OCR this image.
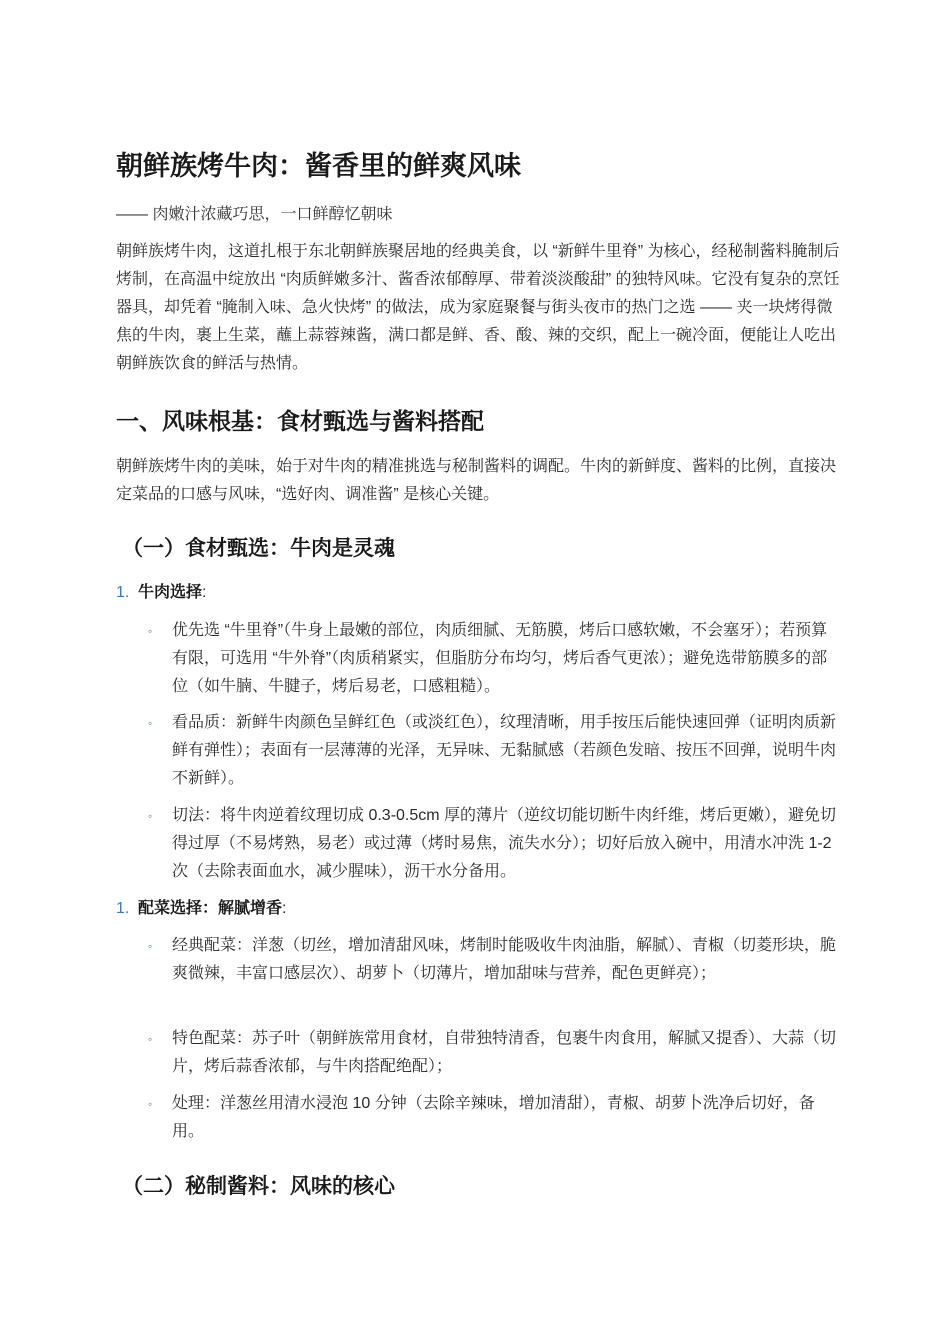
朝鲜族烤牛肉：酱香里的鲜爽风味

—— 肉嫩汁浓藏巧思，一口鲜醇忆朝味

朝鲜族烤牛肉，这道扎根于东北朝鲜族聚居地的经典美食，以 “新鲜牛里脊” 为核心，经秘制酱料腌制后烤制，在高温中绽放出 “肉质鲜嫩多汁、酱香浓郁醇厚、带着淡淡酸甜” 的独特风味。它没有复杂的烹饪器具，却凭着 “腌制入味、急火快烤” 的做法，成为家庭聚餐与街头夜市的热门之选 —— 夹一块烤得微焦的牛肉，裹上生菜，蘸上蒜蓉辣酱，满口都是鲜、香、酸、辣的交织，配上一碗冷面，便能让人吃出朝鲜族饮食的鲜活与热情。

一、风味根基：食材甄选与酱料搭配

朝鲜族烤牛肉的美味，始于对牛肉的精准挑选与秘制酱料的调配。牛肉的新鲜度、酱料的比例，直接决定菜品的口感与风味，“选好肉、调准酱” 是核心关键。

（一）食材甄选：牛肉是灵魂
1. 牛肉选择:
◦ 优先选 “牛里脊”（牛身上最嫩的部位，肉质细腻、无筋膜，烤后口感软嫩，不会塞牙）；若预算有限，可选用 “牛外脊”（肉质稍紧实，但脂肪分布均匀，烤后香气更浓）；避免选带筋膜多的部位（如牛腩、牛腱子，烤后易老，口感粗糙）。
◦ 看品质：新鲜牛肉颜色呈鲜红色（或淡红色），纹理清晰，用手按压后能快速回弹（证明肉质新鲜有弹性）；表面有一层薄薄的光泽，无异味、无黏腻感（若颜色发暗、按压不回弹，说明牛肉不新鲜）。
◦ 切法：将牛肉逆着纹理切成 0.3-0.5cm 厚的薄片（逆纹切能切断牛肉纤维，烤后更嫩），避免切得过厚（不易烤熟，易老）或过薄（烤时易焦，流失水分）；切好后放入碗中，用清水冲洗 1-2 次（去除表面血水，减少腥味），沥干水分备用。
1. 配菜选择：解腻增香:
◦ 经典配菜：洋葱（切丝，增加清甜风味，烤制时能吸收牛肉油脂，解腻）、青椒（切菱形块，脆爽微辣，丰富口感层次）、胡萝卜（切薄片，增加甜味与营养，配色更鲜亮）；
◦ 特色配菜：苏子叶（朝鲜族常用食材，自带独特清香，包裹牛肉食用，解腻又提香）、大蒜（切片，烤后蒜香浓郁，与牛肉搭配绝配）；
◦ 处理：洋葱丝用清水浸泡 10 分钟（去除辛辣味，增加清甜），青椒、胡萝卜洗净后切好，备用。
（二）秘制酱料：风味的核心
